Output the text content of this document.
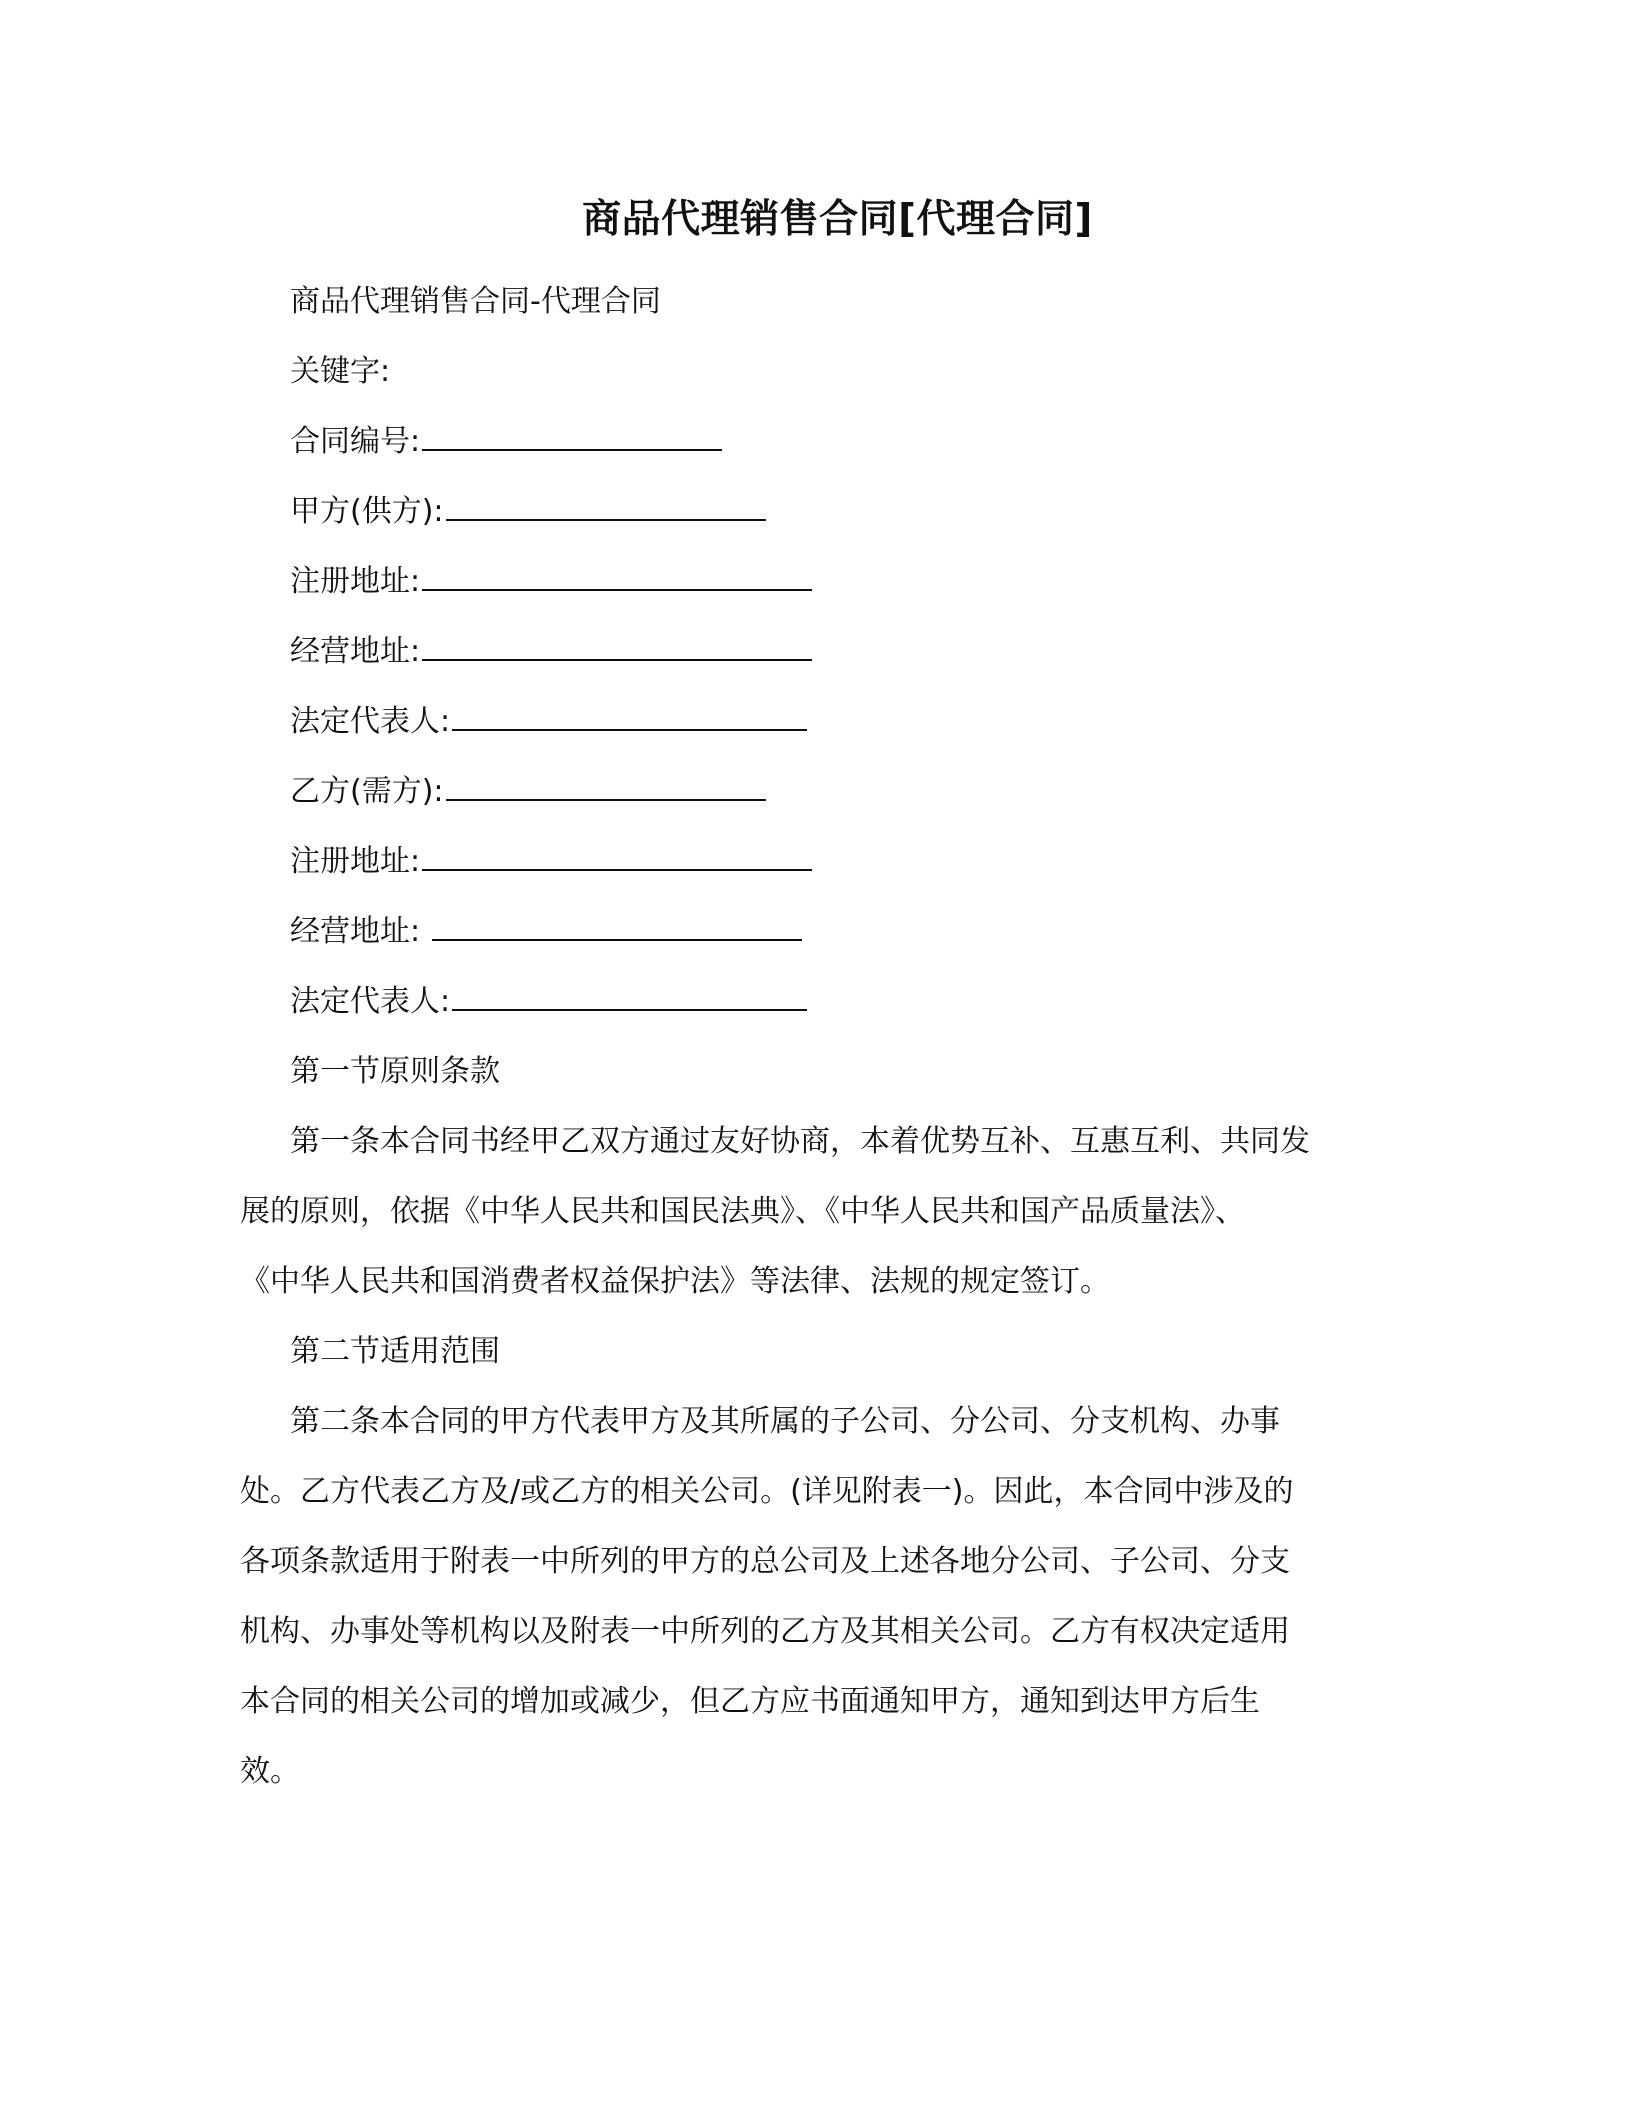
商品代理销售合同[代理合同]
商品代理销售合同-代理合同
关键字:
合同编号:
甲方(供方):
注册地址:
经营地址:
法定代表人:
乙方(需方):
注册地址:
经营地址:
法定代表人:
第一节原则条款
第一条本合同书经甲乙双方通过友好协商，本着优势互补、互惠互利、共同发
展的原则，依据《中华人民共和国民法典》、《中华人民共和国产品质量法》、
《中华人民共和国消费者权益保护法》等法律、法规的规定签订。
第二节适用范围
第二条本合同的甲方代表甲方及其所属的子公司、分公司、分支机构、办事
处。乙方代表乙方及/或乙方的相关公司。(详见附表一)。因此，本合同中涉及的
各项条款适用于附表一中所列的甲方的总公司及上述各地分公司、子公司、分支
机构、办事处等机构以及附表一中所列的乙方及其相关公司。乙方有权决定适用
本合同的相关公司的增加或减少，但乙方应书面通知甲方，通知到达甲方后生
效。
